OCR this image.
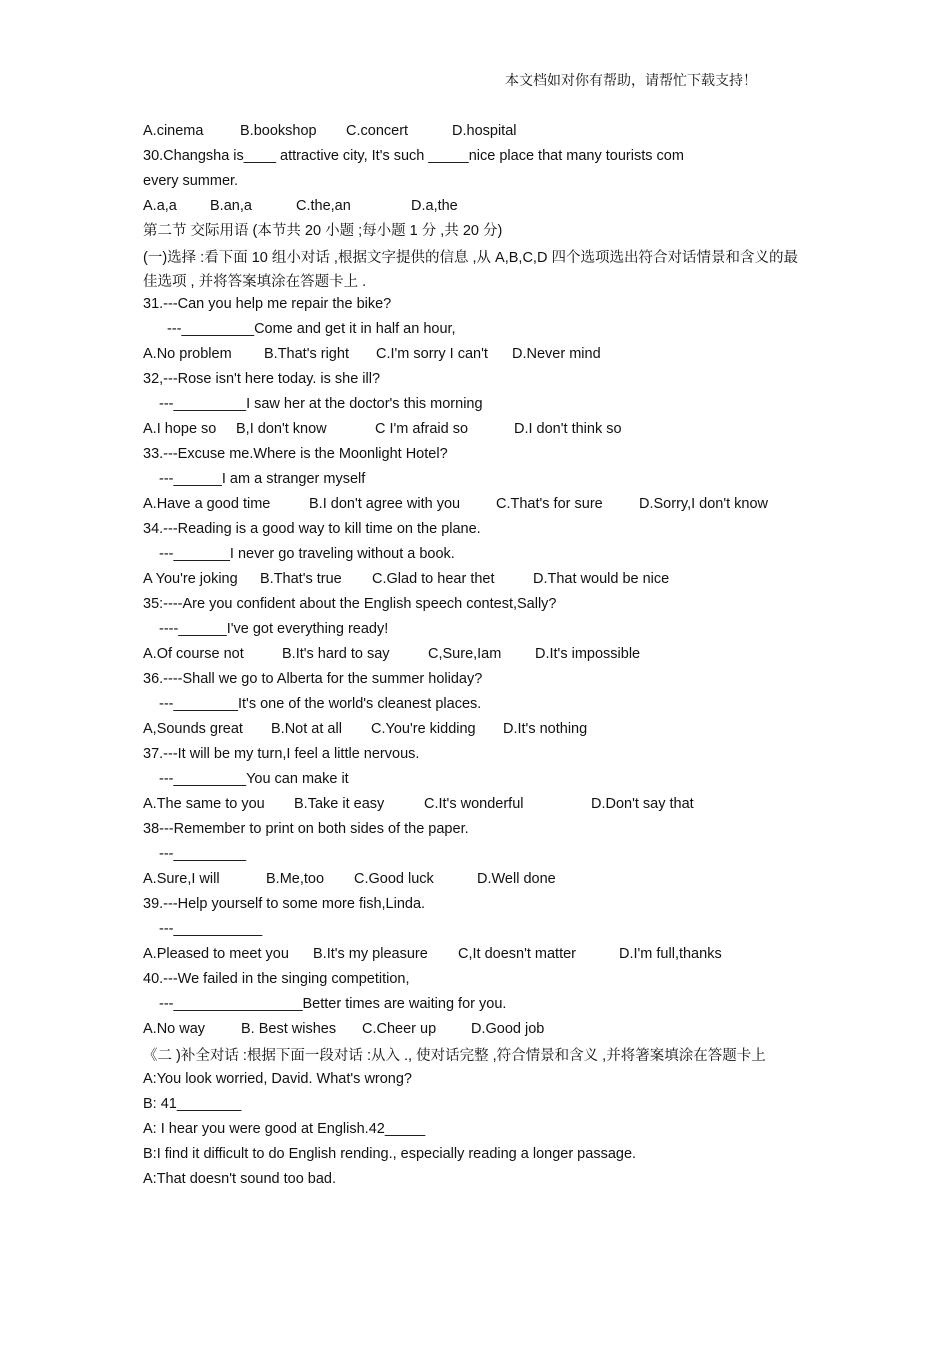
本文档如对你有帮助，请帮忙下载支持！
A.cinema	B.bookshop C.concert	D.hospital
30.Changsha is____ attractive city, It's such _____nice place that many tourists com
every summer.
A.a,a B.an,a	C.the,an	D.a,the
第二节 交际用语 (本节共 20 小题 ;每小题 1 分 ,共 20 分)
(一)选择 :看下面 10 组小对话 ,根据文字提供的信息 ,从 A,B,C,D 四个选项选出符合对话情景和含义的最佳选项 , 并将答案填涂在答题卡上 .
31.---Can you help me repair the bike?
---_________Come and get it in half an hour,
A.No problem B.That's right C.I'm sorry I can't D.Never mind
32,---Rose isn't here today. is she ill?
---_________I saw her at the doctor's this morning
A.I hope so B,I don't know	C I'm afraid so	D.I don't think so
33.---Excuse me.Where is the Moonlight Hotel?
---______I am a stranger myself
A.Have a good time	B.I don't agree with you C.That's for sure	D.Sorry,I don't know
34.---Reading is a good way to kill time on the plane.
---_______I never go traveling without a book.
A You're joking B.That's true C.Glad to hear thet	D.That would be nice
35:----Are you confident about the English speech contest,Sally?
----______I've got everything ready!
A.Of course not	B.It's hard to say	C,Sure,Iam D.It's impossible
36.----Shall we go to Alberta for the summer holiday?
---________It's one of the world's cleanest places.
A,Sounds great B.Not at all C.You're kidding D.It's nothing
37.---It will be my turn,I feel a little nervous.
---_________You can make it
A.The same to you B.Take it easy	C.It's wonderful	D.Don't say that
38---Remember to print on both sides of the paper.
---_________
A.Sure,I will	B.Me,too C.Good luck	D.Well done
39.---Help yourself to some more fish,Linda.
---___________
A.Pleased to meet you B.It's my pleasure C,It doesn't matter	D.I'm full,thanks
40.---We failed in the singing competition,
---________________Better times are waiting for you.
A.No way B. Best wishes C.Cheer up D.Good job
《二 )补全对话 :根据下面一段对话 :从入 ., 使对话完整 ,符合情景和含义 ,并将箸案填涂在答题卡上
A:You look worried, David. What's wrong?
B: 41________
A: I hear you were good at English.42_____
B:I find it difficult to do English rending., especially reading a longer passage.
A:That doesn't sound too bad.
